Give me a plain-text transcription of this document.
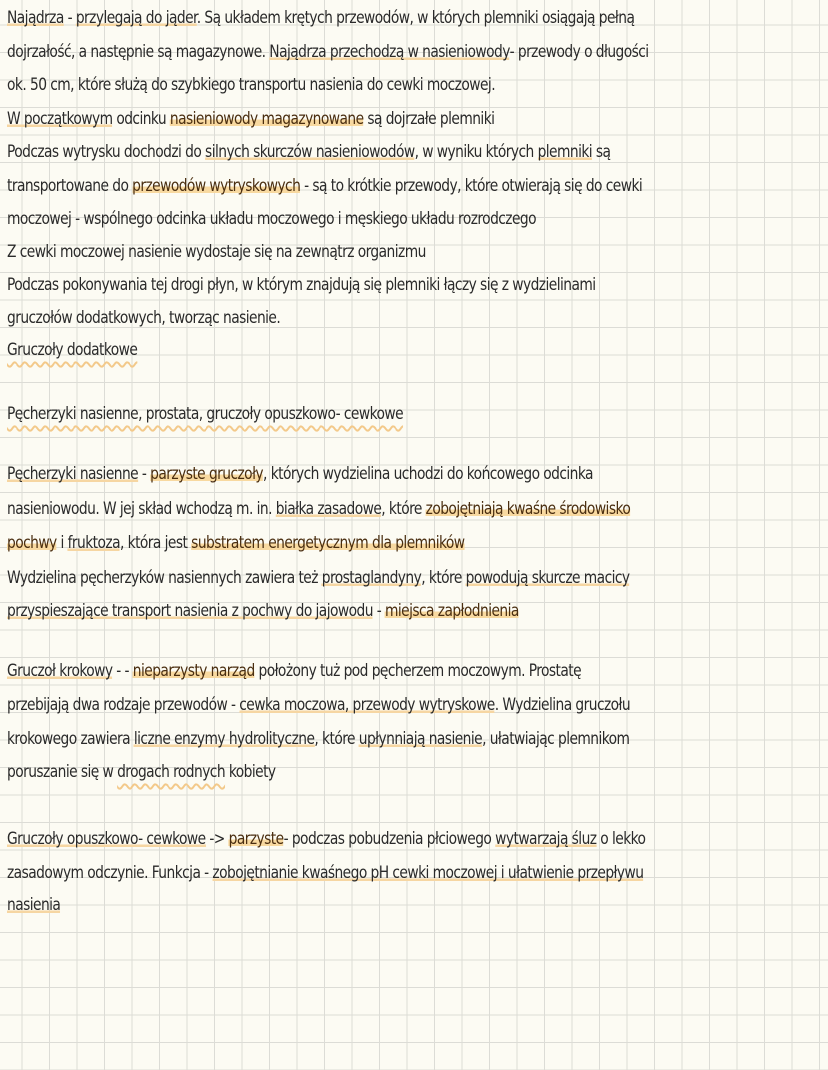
Najądrza - przylegają do jąder. Są układem krętych przewodów, w których plemniki osiągają pełną
dojrzałość, a następnie są magazynowe. Najądrza przechodzą w nasieniowody- przewody o długości
ok. 50 cm, które służą do szybkiego transportu nasienia do cewki moczowej.
W początkowym odcinku nasieniowody magazynowane są dojrzałe plemniki
Podczas wytrysku dochodzi do silnych skurczów nasieniowodów, w wyniku których plemniki są
transportowane do przewodów wytryskowych - są to krótkie przewody, które otwierają się do cewki
moczowej - wspólnego odcinka układu moczowego i męskiego układu rozrodczego
Z cewki moczowej nasienie wydostaje się na zewnątrz organizmu
Podczas pokonywania tej drogi płyn, w którym znajdują się plemniki łączy się z wydzielinami
gruczołów dodatkowych, tworząc nasienie.
Gruczoły dodatkowe
Pęcherzyki nasienne, prostata, gruczoły opuszkowo- cewkowe
Pęcherzyki nasienne - parzyste gruczoły, których wydzielina uchodzi do końcowego odcinka
nasieniowodu. W jej skład wchodzą m. in. białka zasadowe, które zobojętniają kwaśne środowisko
pochwy i fruktoza, która jest substratem energetycznym dla plemników
Wydzielina pęcherzyków nasiennych zawiera też prostaglandyny, które powodują skurcze macicy
przyspieszające transport nasienia z pochwy do jajowodu - miejsca zapłodnienia
Gruczoł krokowy - - nieparzysty narząd położony tuż pod pęcherzem moczowym. Prostatę
przebijają dwa rodzaje przewodów - cewka moczowa, przewody wytryskowe. Wydzielina gruczołu
krokowego zawiera liczne enzymy hydrolityczne, które upłynniają nasienie, ułatwiając plemnikom
poruszanie się w drogach rodnych kobiety
Gruczoły opuszkowo- cewkowe -> parzyste- podczas pobudzenia płciowego wytwarzają śluz o lekko
zasadowym odczynie. Funkcja - zobojętnianie kwaśnego pH cewki moczowej i ułatwienie przepływu
nasienia
